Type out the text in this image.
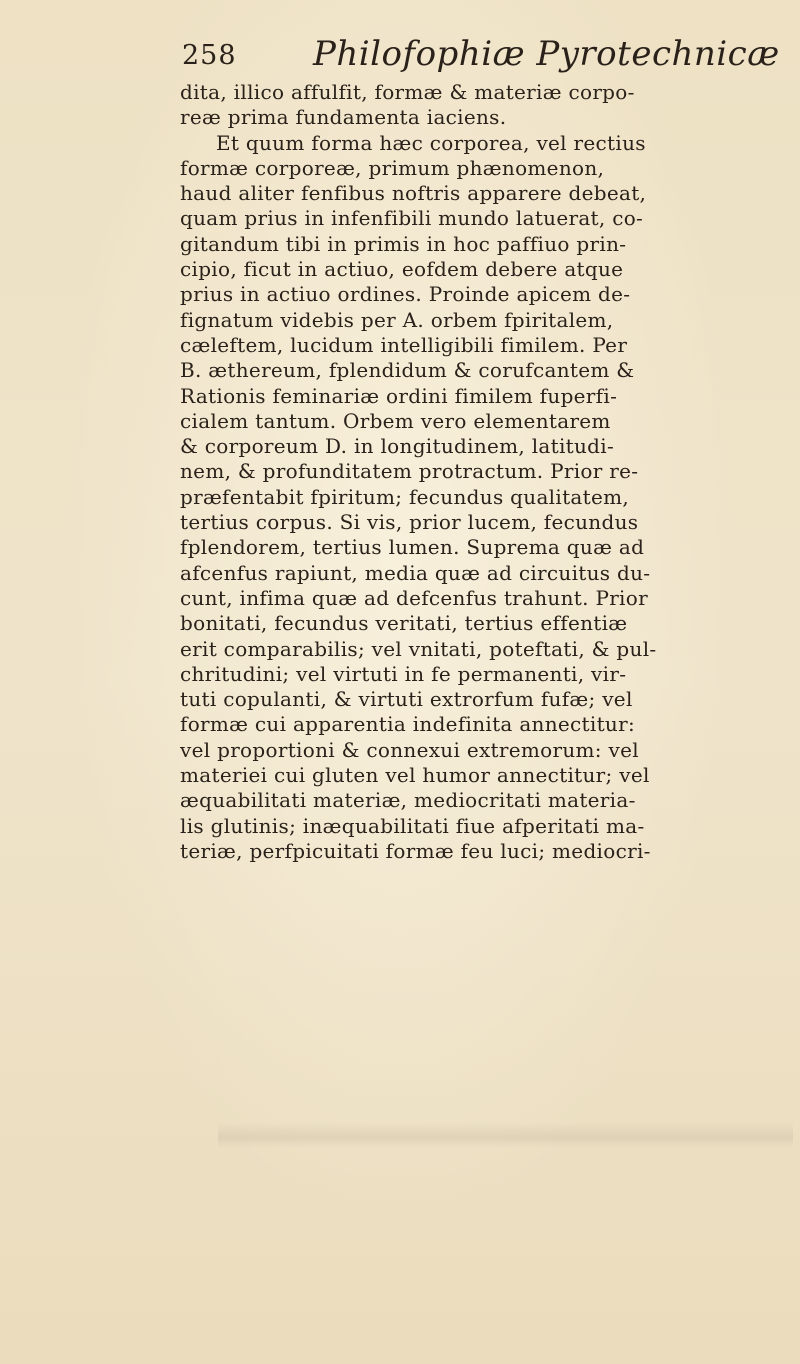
258 Philofophiæ Pyrotechnicæ
dita, illico affulfit, formæ & materiæ corpo-
reæ prima fundamenta iaciens.
Et quum forma hæc corporea, vel rectius
formæ corporeæ, primum phænomenon,
haud aliter fenfibus noftris apparere debeat,
quam prius in infenfibili mundo latuerat, co-
gitandum tibi in primis in hoc paffiuo prin-
cipio, ficut in actiuo, eofdem debere atque
prius in actiuo ordines. Proinde apicem de-
fignatum videbis per A. orbem fpiritalem,
cæleftem, lucidum intelligibili fimilem. Per
B. æthereum, fplendidum & corufcantem &
Rationis feminariæ ordini fimilem fuperfi-
cialem tantum. Orbem vero elementarem
& corporeum D. in longitudinem, latitudi-
nem, & profunditatem protractum. Prior re-
præfentabit fpiritum; fecundus qualitatem,
tertius corpus. Si vis, prior lucem, fecundus
fplendorem, tertius lumen. Suprema quæ ad
afcenfus rapiunt, media quæ ad circuitus du-
cunt, infima quæ ad defcenfus trahunt. Prior
bonitati, fecundus veritati, tertius effentiæ
erit comparabilis; vel vnitati, poteftati, & pul-
chritudini; vel virtuti in fe permanenti, vir-
tuti copulanti, & virtuti extrorfum fufæ; vel
formæ cui apparentia indefinita annectitur:
vel proportioni & connexui extremorum: vel
materiei cui gluten vel humor annectitur; vel
æquabilitati materiæ, mediocritati materia-
lis glutinis; inæquabilitati fiue afperitati ma-
teriæ, perfpicuitati formæ feu luci; mediocri-
